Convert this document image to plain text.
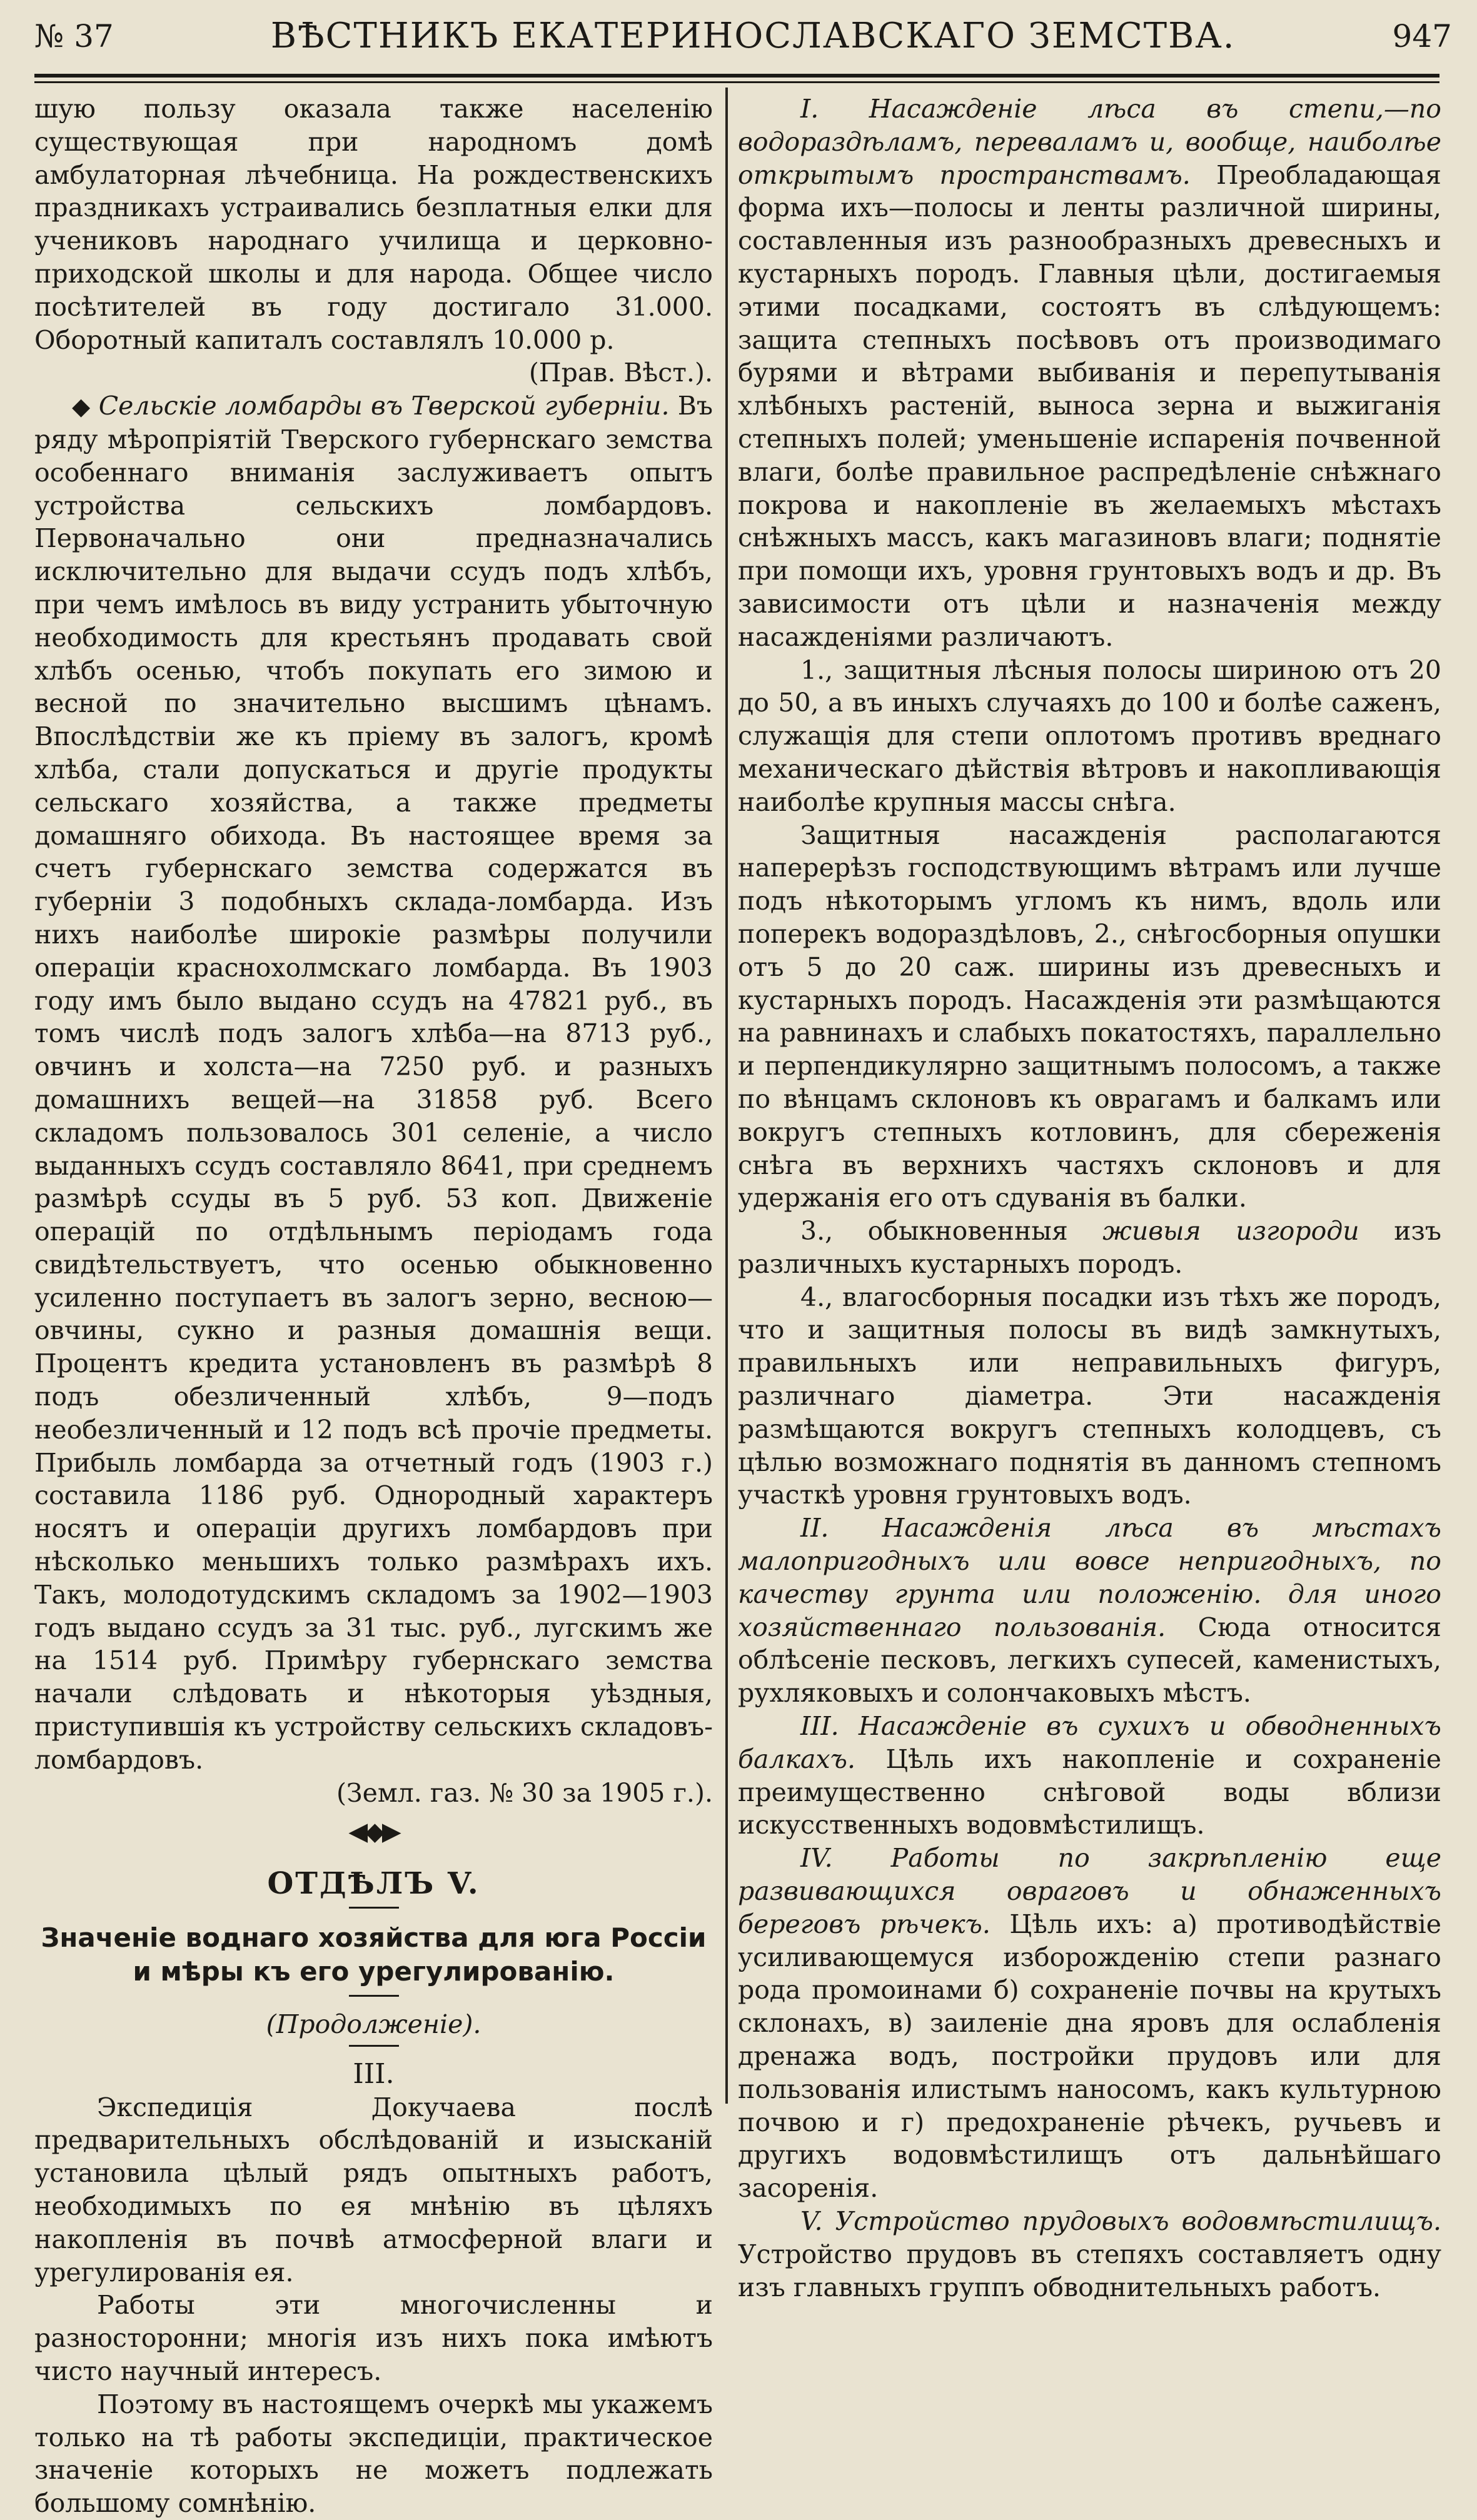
№ 37	ВѢСТНИКЪ ЕКАТЕРИНОСЛАВСКАГО ЗЕМСТВА.	947

шую пользу оказала также населенію существующая при народномъ домѣ амбулаторная лѣчебница. На рождественскихъ праздникахъ устраивались безплатныя елки для учениковъ народнаго училища и церковно-приходской школы и для народа. Общее число посѣтителей въ году достигало 31.000. Оборотный капиталъ составлялъ 10.000 р.

(Прав. Вѣст.).

◆ Сельскіе ломбарды въ Тверской губерніи. Въ ряду мѣропріятій Тверского губернскаго земства особеннаго вниманія заслуживаетъ опытъ устройства сельскихъ ломбардовъ. Первоначально они предназначались исключительно для выдачи ссудъ подъ хлѣбъ, при чемъ имѣлось въ виду устранить убыточную необходимость для крестьянъ продавать свой хлѣбъ осенью, чтобъ покупать его зимою и весной по значительно высшимъ цѣнамъ. Впослѣдствіи же къ пріему въ залогъ, кромѣ хлѣба, стали допускаться и другіе продукты сельскаго хозяйства, а также предметы домашняго обихода. Въ настоящее время за счетъ губернскаго земства содержатся въ губерніи 3 подобныхъ склада-ломбарда. Изъ нихъ наиболѣе широкіе размѣры получили операціи краснохолмскаго ломбарда. Въ 1903 году имъ было выдано ссудъ на 47821 руб., въ томъ числѣ подъ залогъ хлѣба—на 8713 руб., овчинъ и холста—на 7250 руб. и разныхъ домашнихъ вещей—на 31858 руб. Всего складомъ пользовалось 301 селеніе, а число выданныхъ ссудъ составляло 8641, при среднемъ размѣрѣ ссуды въ 5 руб. 53 коп. Движеніе операцій по отдѣльнымъ періодамъ года свидѣтельствуетъ, что осенью обыкновенно усиленно поступаетъ въ залогъ зерно, весною—овчины, сукно и разныя домашнія вещи. Процентъ кредита установленъ въ размѣрѣ 8 подъ обезличенный хлѣбъ, 9—подъ необезличенный и 12 подъ всѣ прочіе предметы. Прибыль ломбарда за отчетный годъ (1903 г.) составила 1186 руб. Однородный характеръ носятъ и операціи другихъ ломбардовъ при нѣсколько меньшихъ только размѣрахъ ихъ. Такъ, молодотудскимъ складомъ за 1902—1903 годъ выдано ссудъ за 31 тыс. руб., лугскимъ же на 1514 руб. Примѣру губернскаго земства начали слѣдовать и нѣкоторыя уѣздныя, приступившія къ устройству сельскихъ складовъ-ломбардовъ.

(Земл. газ. № 30 за 1905 г.).

◀◆▶
ОТДѢЛЪ V.
Значеніе воднаго хозяйства для юга Россіи и мѣры къ его урегулированію.

(Продолженіе).

III.

Экспедиція Докучаева послѣ предварительныхъ обслѣдованій и изысканій установила цѣлый рядъ опытныхъ работъ, необходимыхъ по ея мнѣнію въ цѣляхъ накопленія въ почвѣ атмосферной влаги и урегулированія ея.

Работы эти многочисленны и разносторонни; многія изъ нихъ пока имѣютъ чисто научный интересъ.

Поэтому въ настоящемъ очеркѣ мы укажемъ только на тѣ работы экспедиціи, практическое значеніе которыхъ не можетъ подлежать большому сомнѣнію.

I. Насажденіе лѣса въ степи,—по водораздѣламъ, переваламъ и, вообще, наиболѣе открытымъ пространствамъ. Преобладающая форма ихъ—полосы и ленты различной ширины, составленныя изъ разнообразныхъ древесныхъ и кустарныхъ породъ. Главныя цѣли, достигаемыя этими посадками, состоятъ въ слѣдующемъ: защита степныхъ посѣвовъ отъ производимаго бурями и вѣтрами выбиванія и перепутыванія хлѣбныхъ растеній, выноса зерна и выжиганія степныхъ полей; уменьшеніе испаренія почвенной влаги, болѣе правильное распредѣленіе снѣжнаго покрова и накопленіе въ желаемыхъ мѣстахъ снѣжныхъ массъ, какъ магазиновъ влаги; поднятіе при помощи ихъ, уровня грунтовыхъ водъ и др. Въ зависимости отъ цѣли и назначенія между насажденіями различаютъ.

1., защитныя лѣсныя полосы шириною отъ 20 до 50, а въ иныхъ случаяхъ до 100 и болѣе саженъ, служащія для степи оплотомъ противъ вреднаго механическаго дѣйствія вѣтровъ и накопливающія наиболѣе крупныя массы снѣга.

Защитныя насажденія располагаются наперерѣзъ господствующимъ вѣтрамъ или лучше подъ нѣкоторымъ угломъ къ нимъ, вдоль или поперекъ водораздѣловъ, 2., снѣгосборныя опушки отъ 5 до 20 саж. ширины изъ древесныхъ и кустарныхъ породъ. Насажденія эти размѣщаются на равнинахъ и слабыхъ покатостяхъ, параллельно и перпендикулярно защитнымъ полосомъ, а также по вѣнцамъ склоновъ къ оврагамъ и балкамъ или вокругъ степныхъ котловинъ, для сбереженія снѣга въ верхнихъ частяхъ склоновъ и для удержанія его отъ сдуванія въ балки.

3., обыкновенныя живыя изгороди изъ различныхъ кустарныхъ породъ.

4., влагосборныя посадки изъ тѣхъ же породъ, что и защитныя полосы въ видѣ замкнутыхъ, правильныхъ или неправильныхъ фигуръ, различнаго діаметра. Эти насажденія размѣщаются вокругъ степныхъ колодцевъ, съ цѣлью возможнаго поднятія въ данномъ степномъ участкѣ уровня грунтовыхъ водъ.

II. Насажденія лѣса въ мѣстахъ малопригодныхъ или вовсе непригодныхъ, по качеству грунта или положенію. для иного хозяйственнаго пользованія. Сюда относится облѣсеніе песковъ, легкихъ супесей, каменистыхъ, рухляковыхъ и солончаковыхъ мѣстъ.

III. Насажденіе въ сухихъ и обводненныхъ балкахъ. Цѣль ихъ накопленіе и сохраненіе преимущественно снѣговой воды вблизи искусственныхъ водовмѣстилищъ.

IV. Работы по закрѣпленію еще развивающихся овраговъ и обнаженныхъ береговъ рѣчекъ. Цѣль ихъ: а) противодѣйствіе усиливающемуся изборожденію степи разнаго рода промоинами б) сохраненіе почвы на крутыхъ склонахъ, в) заиленіе дна яровъ для ослабленія дренажа водъ, постройки прудовъ или для пользованія илистымъ наносомъ, какъ культурною почвою и г) предохраненіе рѣчекъ, ручьевъ и другихъ водовмѣстилищъ отъ дальнѣйшаго засоренія.

V. Устройство прудовыхъ водовмѣстилищъ. Устройство прудовъ въ степяхъ составляетъ одну изъ главныхъ группъ обводнительныхъ работъ.
